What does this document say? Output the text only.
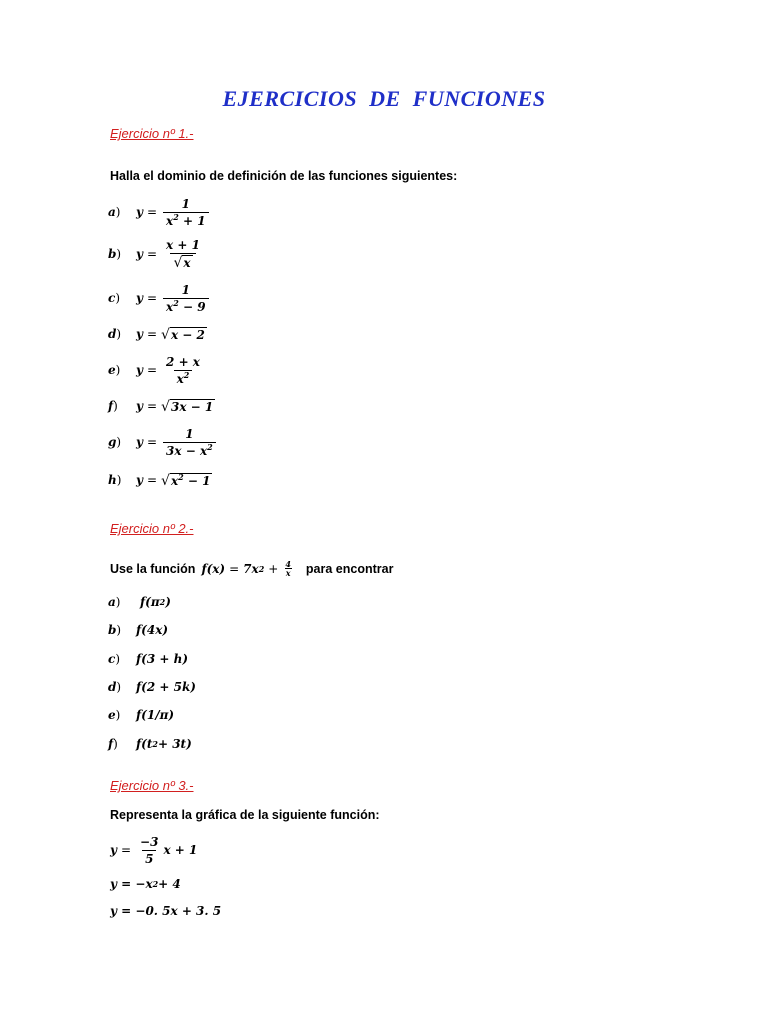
EJERCICIOS DE FUNCIONES
Ejercicio nº 1.-
Halla el dominio de definición de las funciones siguientes:
a)	$y = \frac{1}{x^2 + 1}$
b)	$y = \frac{x + 1}{√ x}$
c)	$y = \frac{1}{x^2 - 9}$
d)	y = √ x − 2
e)	$y = \frac{2 + x}{x^2}$
f)	y = √ 3x − 1
g)	$y = \frac{1}{3x - x^2}$
h)	y = √ $x^2 - 1$
Ejercicio nº 2.-
Use la función f(x) = 7x $2 + \frac{4}{x}$ para encontrar
a)	f(π 2 )
b)	f(4x)
c)	f(3 + h)
d)	f(2 + 5k)
e)	f(1/π)
f)	f(t 2 + 3t)
Ejercicio nº 3.-
Representa la gráfica de la siguiente función:
$y = \frac{-3}{5}$ x + 1
y = −x 2 + 4
y = −0. 5x + 3. 5
